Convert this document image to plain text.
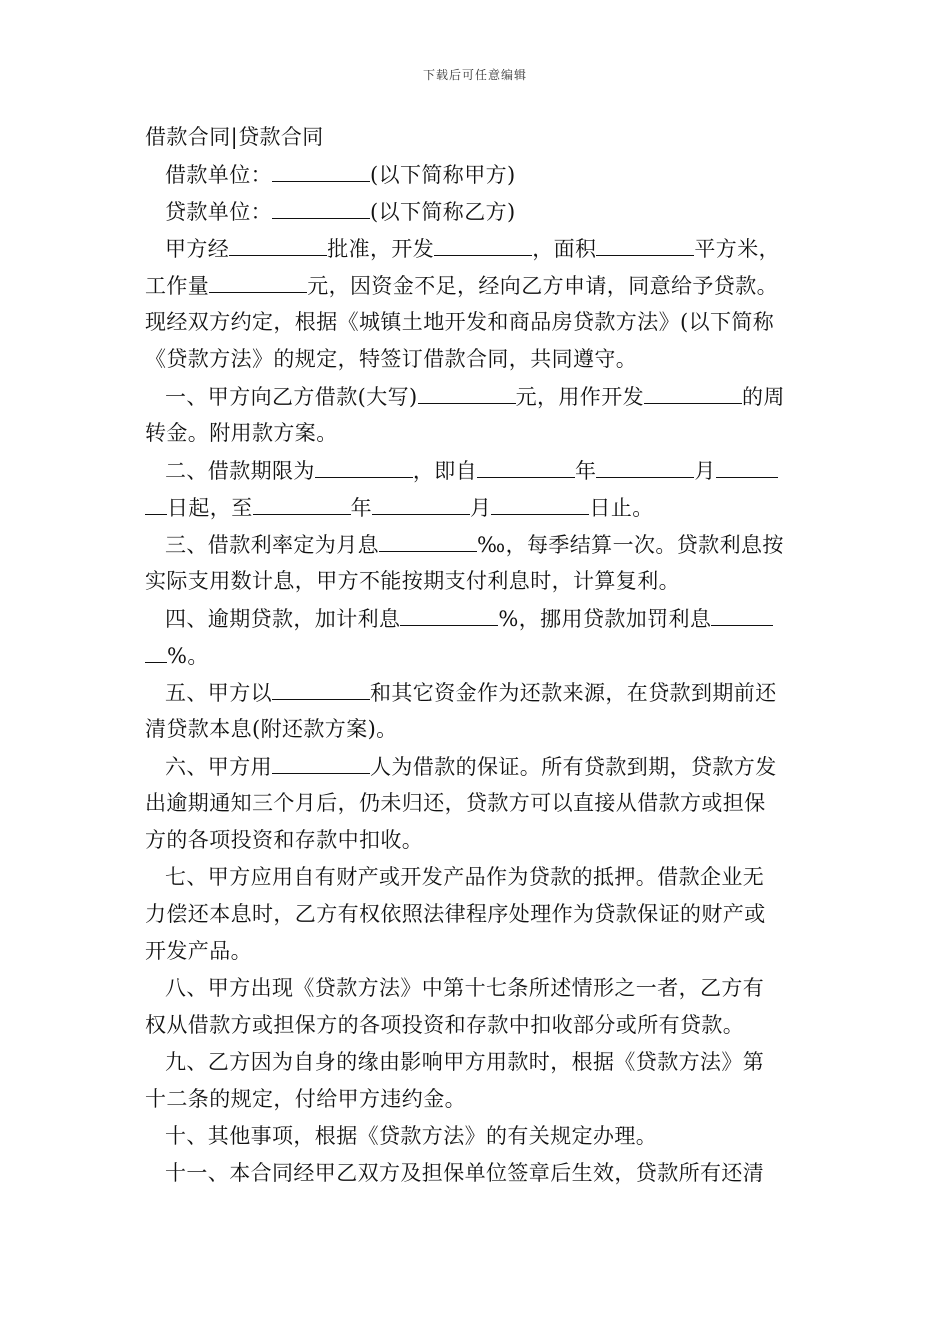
下载后可任意编辑
借款合同|贷款合同
借款单位：	(以下简称甲方)
贷款单位：	(以下简称乙方)
甲方经	批准，开发	，面积	平方米，
工作量	元，因资金不足，经向乙方申请，同意给予贷款。
现经双方约定，根据《城镇土地开发和商品房贷款方法》(以下简称
《贷款方法》的规定，特签订借款合同，共同遵守。
一、甲方向乙方借款(大写)	元，用作开发	的周
转金。附用款方案。
二、借款期限为	，即自	年	月
日起，至	年	月	日止。
三、借款利率定为月息	‰，每季结算一次。贷款利息按
实际支用数计息，甲方不能按期支付利息时，计算复利。
四、逾期贷款，加计利息	%，挪用贷款加罚利息
%。
五、甲方以	和其它资金作为还款来源，在贷款到期前还
清贷款本息(附还款方案)。
六、甲方用	人为借款的保证。所有贷款到期，贷款方发
出逾期通知三个月后，仍未归还，贷款方可以直接从借款方或担保
方的各项投资和存款中扣收。
七、甲方应用自有财产或开发产品作为贷款的抵押。借款企业无
力偿还本息时，乙方有权依照法律程序处理作为贷款保证的财产或
开发产品。
八、甲方出现《贷款方法》中第十七条所述情形之一者，乙方有
权从借款方或担保方的各项投资和存款中扣收部分或所有贷款。
九、乙方因为自身的缘由影响甲方用款时，根据《贷款方法》第
十二条的规定，付给甲方违约金。
十、其他事项，根据《贷款方法》的有关规定办理。
十一、本合同经甲乙双方及担保单位签章后生效，贷款所有还清
